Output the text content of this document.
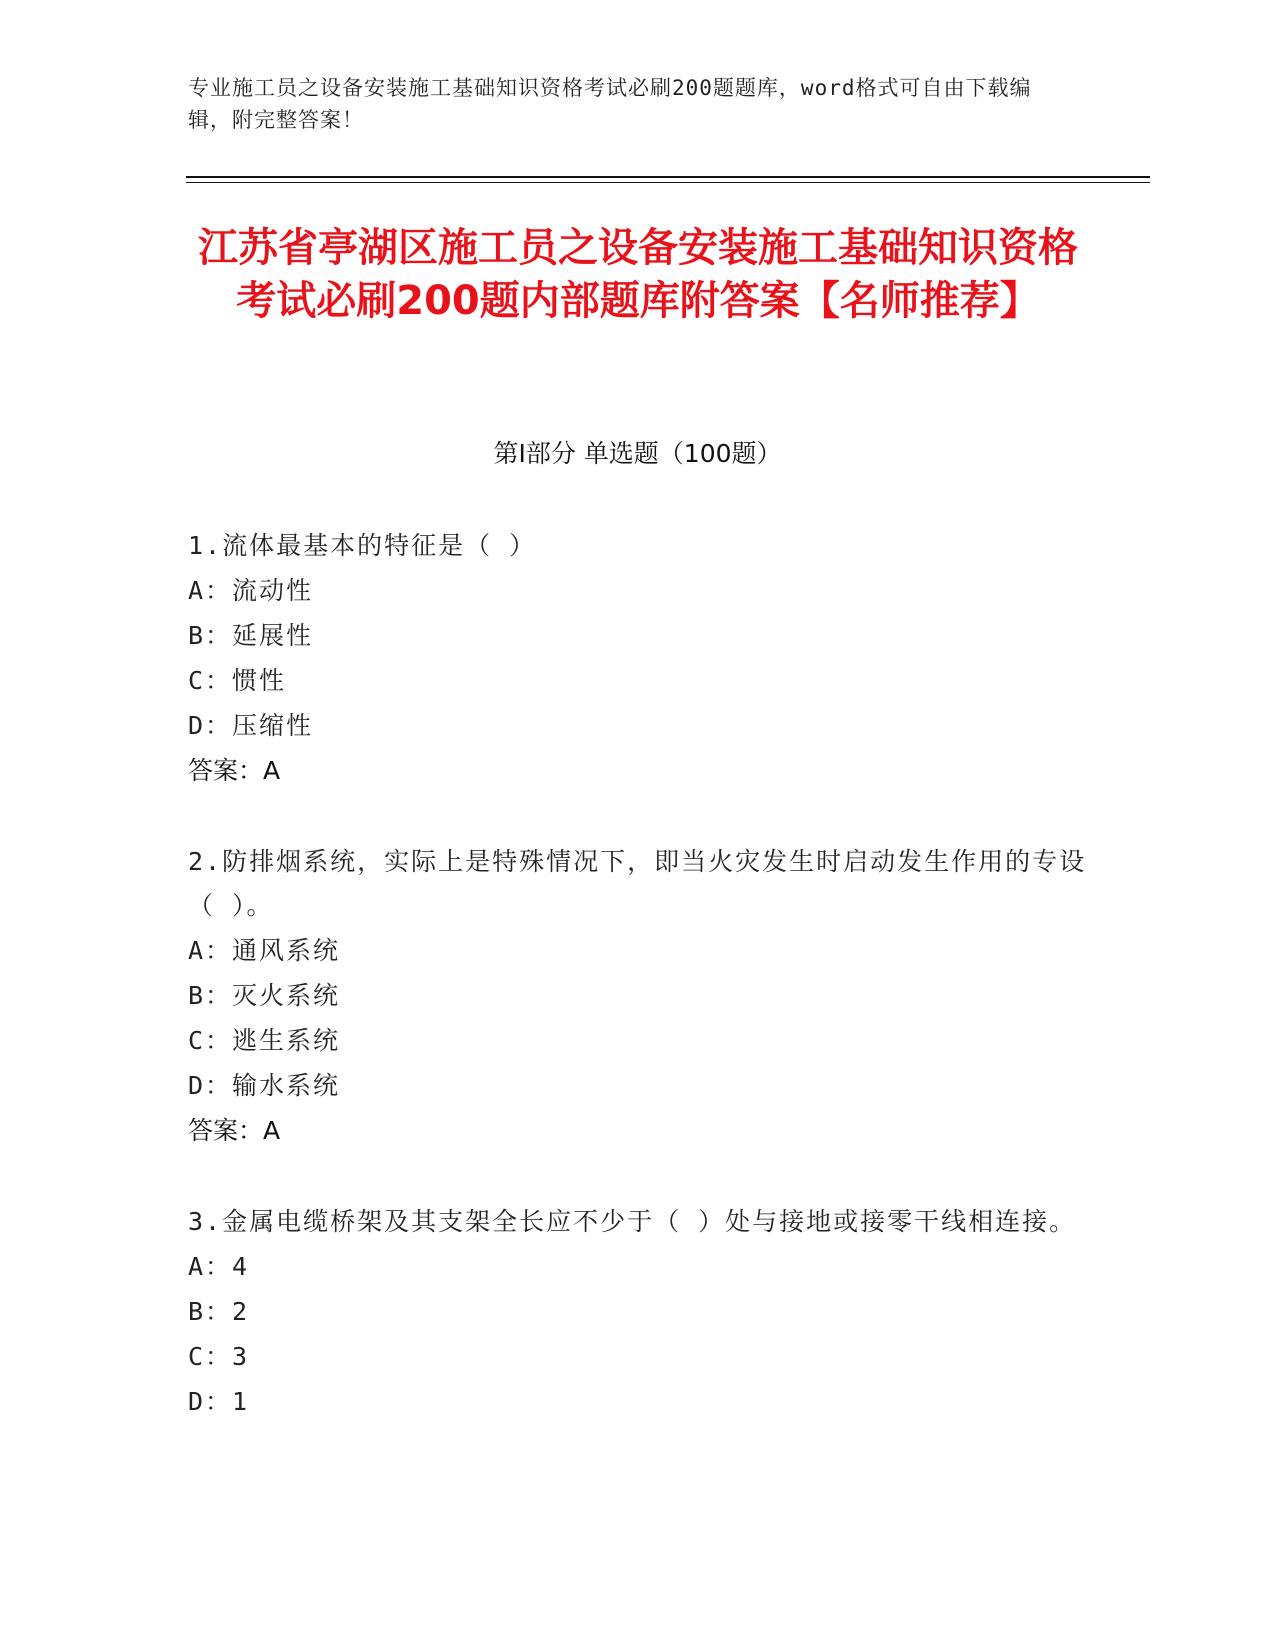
专业施工员之设备安装施工基础知识资格考试必刷200题题库，word格式可自由下载编辑，附完整答案！
江苏省亭湖区施工员之设备安装施工基础知识资格考试必刷200题内部题库附答案【名师推荐】
第Ⅰ部分 单选题（100题）

1.流体最基本的特征是（ ）

A：流动性

B：延展性

C：惯性

D：压缩性

答案：A

2.防排烟系统，实际上是特殊情况下，即当火灾发生时启动发生作用的专设（ ）。

A：通风系统

B：灭火系统

C：逃生系统

D：输水系统

答案：A

3.金属电缆桥架及其支架全长应不少于（ ）处与接地或接零干线相连接。

A：4

B：2

C：3

D：1
